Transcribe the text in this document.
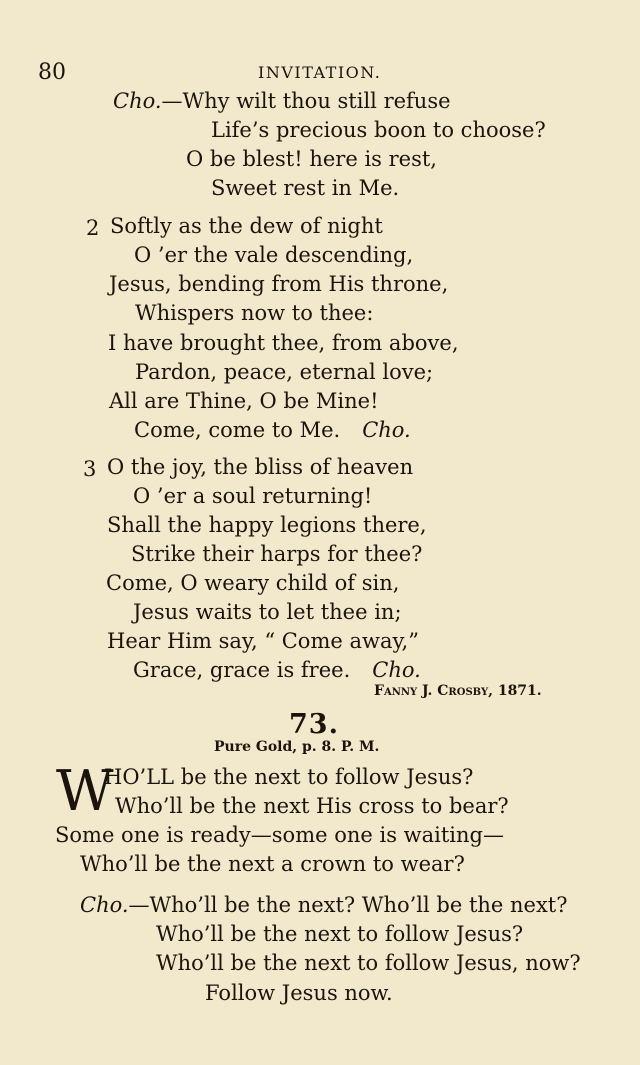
80	INVITATION.
Cho.—Why wilt thou still refuse
Life’s precious boon to choose?
O be blest! here is rest,
Sweet rest in Me.
2 Softly as the dew of night
O ’er the vale descending,
Jesus, bending from His throne,
Whispers now to thee:
I have brought thee, from above,
Pardon, peace, eternal love;
All are Thine, O be Mine!
Come, come to Me. Cho.
3 O the joy, the bliss of heaven
O ’er a soul returning!
Shall the happy legions there,
Strike their harps for thee?
Come, O weary child of sin,
Jesus waits to let thee in;
Hear Him say, “ Come away,”
Grace, grace is free. Cho.
Fanny J. Crosby, 1871.
73.
Pure Gold, p. 8. P. M.
W
HO’LL be the next to follow Jesus?
Who’ll be the next His cross to bear?
Some one is ready—some one is waiting—
Who’ll be the next a crown to wear?
Cho.—Who’ll be the next? Who’ll be the next?
Who’ll be the next to follow Jesus?
Who’ll be the next to follow Jesus, now?
Follow Jesus now.
